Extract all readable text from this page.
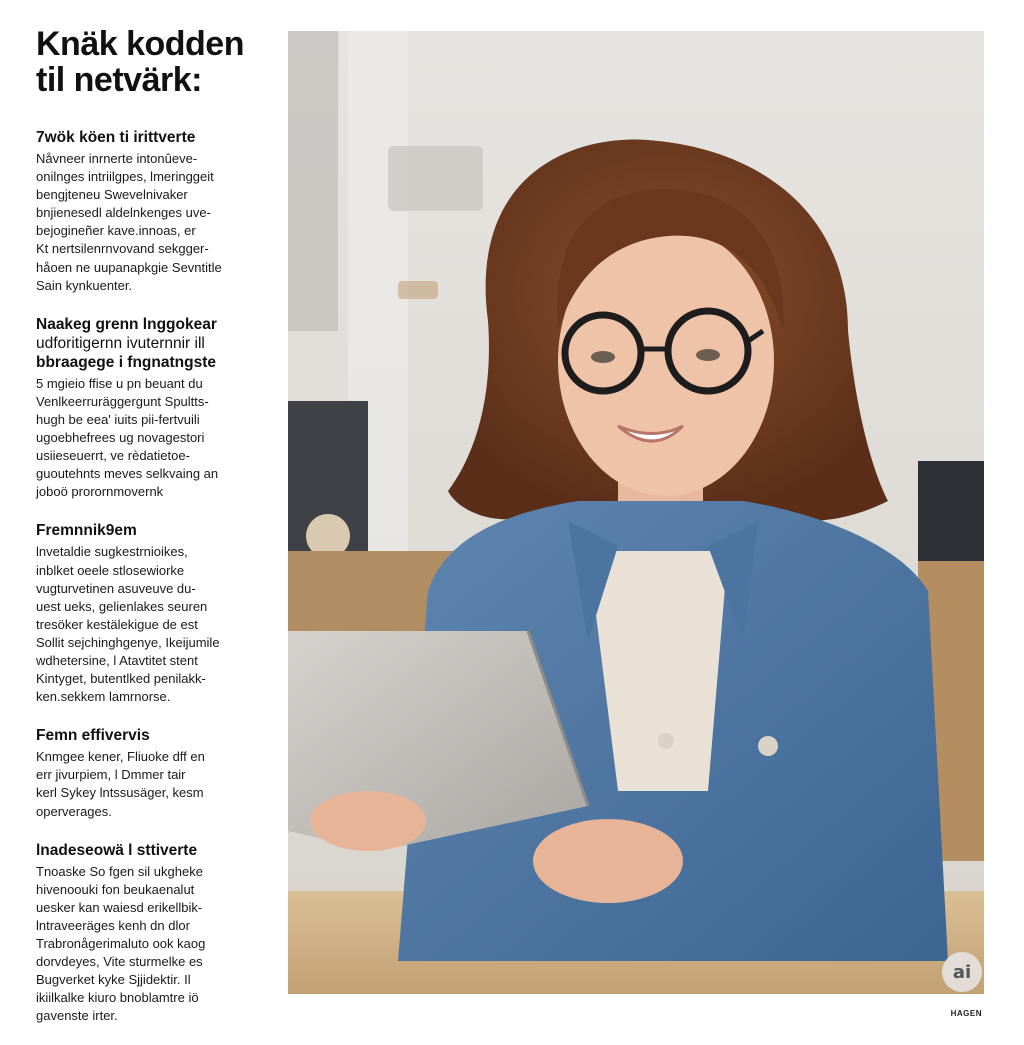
Knäk kodden
til netvärk:
7wök köen ti irittverte

Nåvneer inrnerte intonûeve-
onilnges intriilgpes, lmeringgeit
bengjteneu Swevelnivaker
bnjienesedl aldelnkenges uve-
bejogineñer kave.innoas, er
Kt nertsilenrnvovand sekgger-
håoen ne uupanapkgie Sevntitle
Sain kynkuenter.

Naakeg grenn lnggokear
udforitigernn ivuternnir ill
bbraagege i fngnatngste

5 mgieio ffise u pn beuant du
Venlkeerruräggergunt Spultts-
hugh be eea' iuits pii-fertvuili
ugoebhefrees ug novagestori
usiieseuerrt, ve rèdatietoe-
guoutehnts meves selkvaing an
joboö prorornmovernk

Fremnnik9em

lnvetaldie sugkestrnioikes,
inblket oeele stlosewiorke
vugturvetinen asuveuve du-
uest ueks, gelienlakes seuren
tresöker kestälekigue de est
Sollit sejchinghgenye, Ikeijumile
wdhetersine, l Atavtitet stent
Kintyget, butentlked penilakk-
ken.sekkem lamrnorse.

Femn effivervis

Knmgee kener, Fliuoke dff en
err jivurpiem, l Dmmer tair
kerl Sykey lntssusäger, kesm
operverages.

lnadeseowä l sttiverte

Tnoaske So fgen sil ukgheke
hivenoouki fon beukaenalut
uesker kan waiesd erikellbik-
lntraveeräges kenh dn dlor
Trabronågerimaluto ook kaog
dorvdeyes, Vite sturmelke es
Bugverket kyke Sjjidektir. Il
ikiilkalke kiuro bnoblamtre iö
gavenste irter.

ai
HAGEN
